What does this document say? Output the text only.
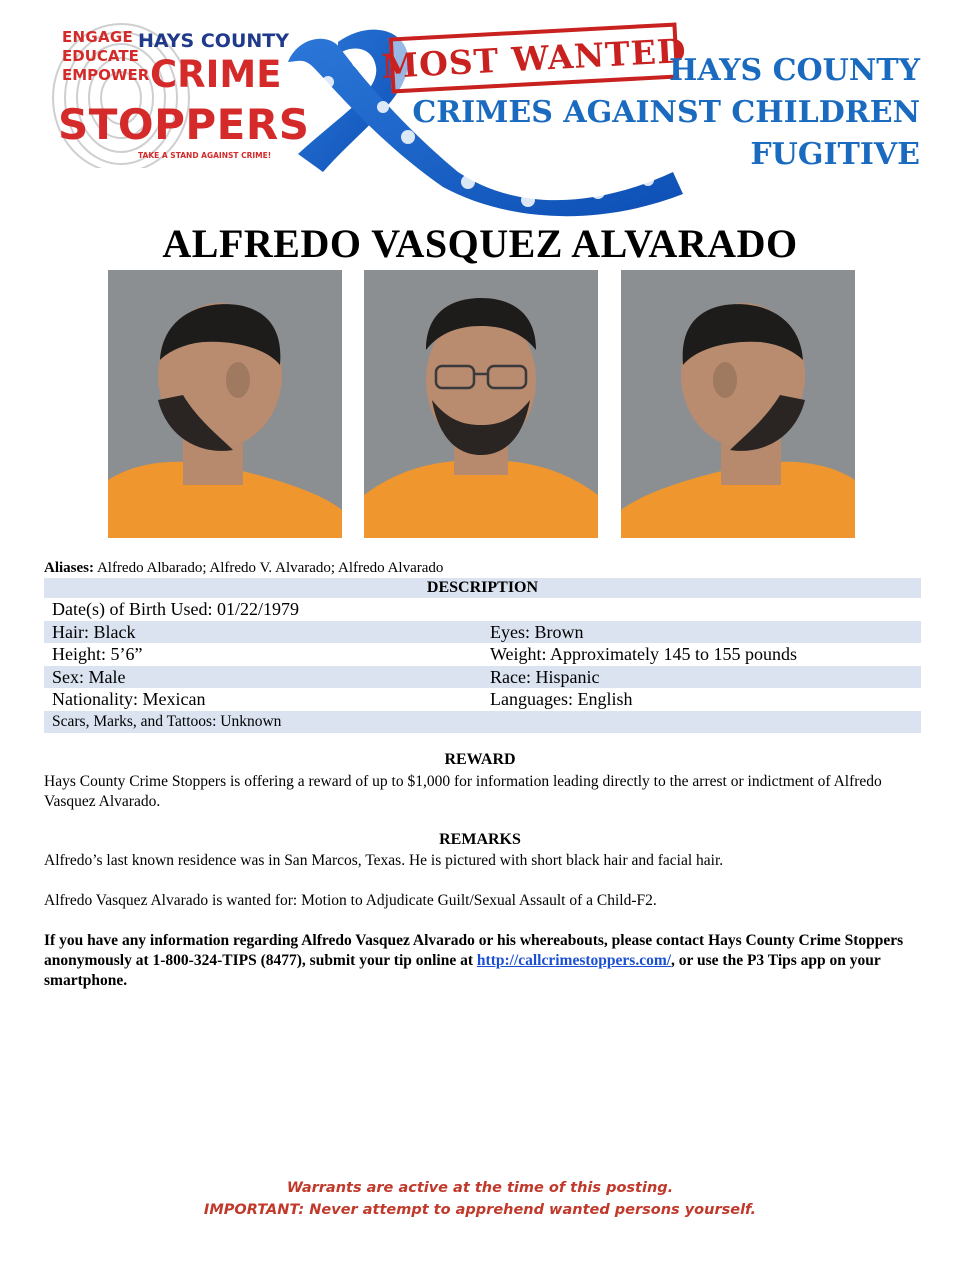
ENGAGE
EDUCATE
EMPOWER
HAYS COUNTY
CRIME
STOPPERS
TAKE A STAND AGAINST CRIME!
MOST WANTED
HAYS COUNTY
CRIMES AGAINST CHILDREN
FUGITIVE
ALFREDO VASQUEZ ALVARADO
Aliases: Alfredo Albarado; Alfredo V. Alvarado; Alfredo Alvarado
DESCRIPTION
Date(s) of Birth Used: 01/22/1979
Hair: Black	Eyes: Brown
Height: 5’6”	Weight: Approximately 145 to 155 pounds
Sex: Male	Race: Hispanic
Nationality: Mexican	Languages: English
Scars, Marks, and Tattoos: Unknown
REWARD
Hays County Crime Stoppers is offering a reward of up to $1,000 for information leading directly to the arrest or indictment of Alfredo Vasquez Alvarado.
REMARKS
Alfredo’s last known residence was in San Marcos, Texas. He is pictured with short black hair and facial hair.
Alfredo Vasquez Alvarado is wanted for: Motion to Adjudicate Guilt/Sexual Assault of a Child-F2.
If you have any information regarding Alfredo Vasquez Alvarado or his whereabouts, please contact Hays County Crime Stoppers anonymously at 1-800-324-TIPS (8477), submit your tip online at http://callcrimestoppers.com/, or use the P3 Tips app on your smartphone.
Warrants are active at the time of this posting.
IMPORTANT: Never attempt to apprehend wanted persons yourself.
